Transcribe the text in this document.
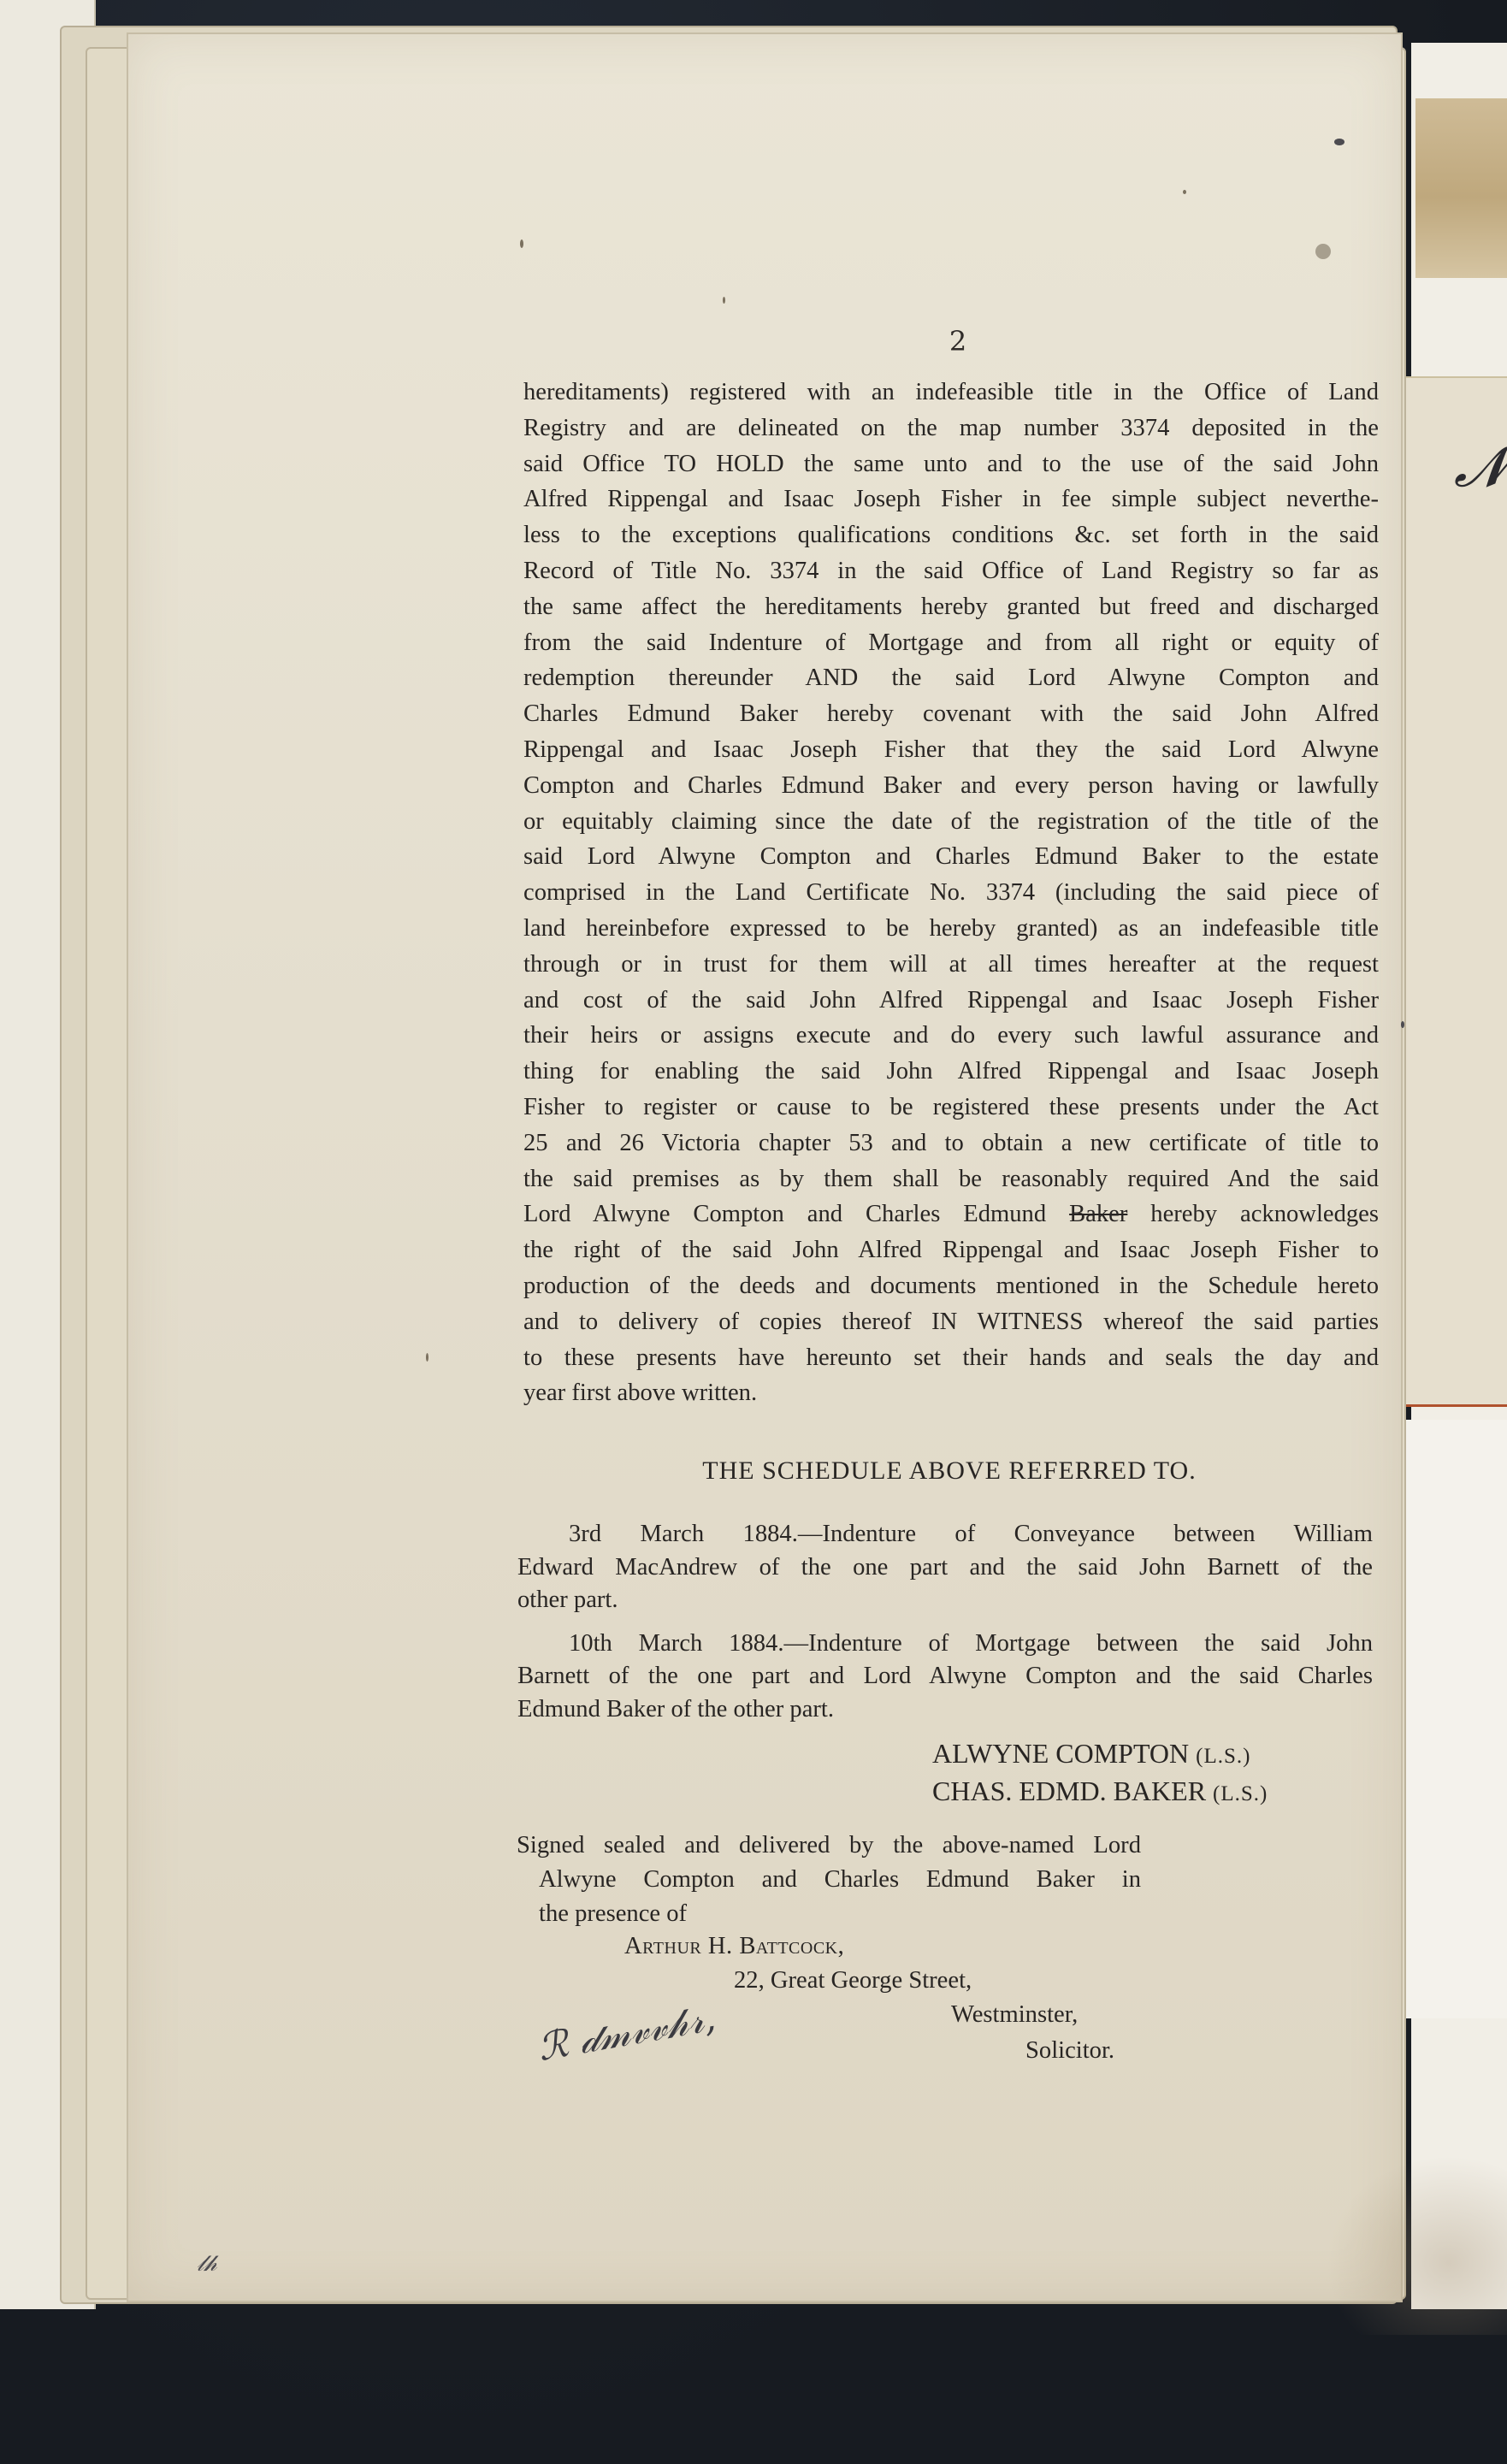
𝓝
2
hereditaments) registered with an indefeasible title in the Office of Land
Registry and are delineated on the map number 3374 deposited in the
said Office TO HOLD the same unto and to the use of the said John
Alfred Rippengal and Isaac Joseph Fisher in fee simple subject neverthe-
less to the exceptions qualifications conditions &c. set forth in the said
Record of Title No. 3374 in the said Office of Land Registry so far as
the same affect the hereditaments hereby granted but freed and discharged
from the said Indenture of Mortgage and from all right or equity of
redemption thereunder AND the said Lord Alwyne Compton and
Charles Edmund Baker hereby covenant with the said John Alfred
Rippengal and Isaac Joseph Fisher that they the said Lord Alwyne
Compton and Charles Edmund Baker and every person having or lawfully
or equitably claiming since the date of the registration of the title of the
said Lord Alwyne Compton and Charles Edmund Baker to the estate
comprised in the Land Certificate No. 3374 (including the said piece of
land hereinbefore expressed to be hereby granted) as an indefeasible title
through or in trust for them will at all times hereafter at the request
and cost of the said John Alfred Rippengal and Isaac Joseph Fisher
their heirs or assigns execute and do every such lawful assurance and
thing for enabling the said John Alfred Rippengal and Isaac Joseph
Fisher to register or cause to be registered these presents under the Act
25 and 26 Victoria chapter 53 and to obtain a new certificate of title to
the said premises as by them shall be reasonably required And the said
Lord Alwyne Compton and Charles Edmund Baker hereby acknowledges
the right of the said John Alfred Rippengal and Isaac Joseph Fisher to
production of the deeds and documents mentioned in the Schedule hereto
and to delivery of copies thereof IN WITNESS whereof the said parties
to these presents have hereunto set their hands and seals the day and
year first above written.
THE SCHEDULE ABOVE REFERRED TO.
3rd March 1884.—Indenture of Conveyance between William
Edward MacAndrew of the one part and the said John Barnett of the
other part.
10th March 1884.—Indenture of Mortgage between the said John
Barnett of the one part and Lord Alwyne Compton and the said Charles
Edmund Baker of the other part.
ALWYNE COMPTON (L.S.)
CHAS. EDMD. BAKER (L.S.)
Signed sealed and delivered by the above-named Lord
Alwyne Compton and Charles Edmund Baker in
the presence of
Arthur H. Battcock,
22, Great George Street,
Westminster,
Solicitor.
ℛ 𝒹𝓂𝓋𝓋𝒽𝓇,
𝓁𝒽
